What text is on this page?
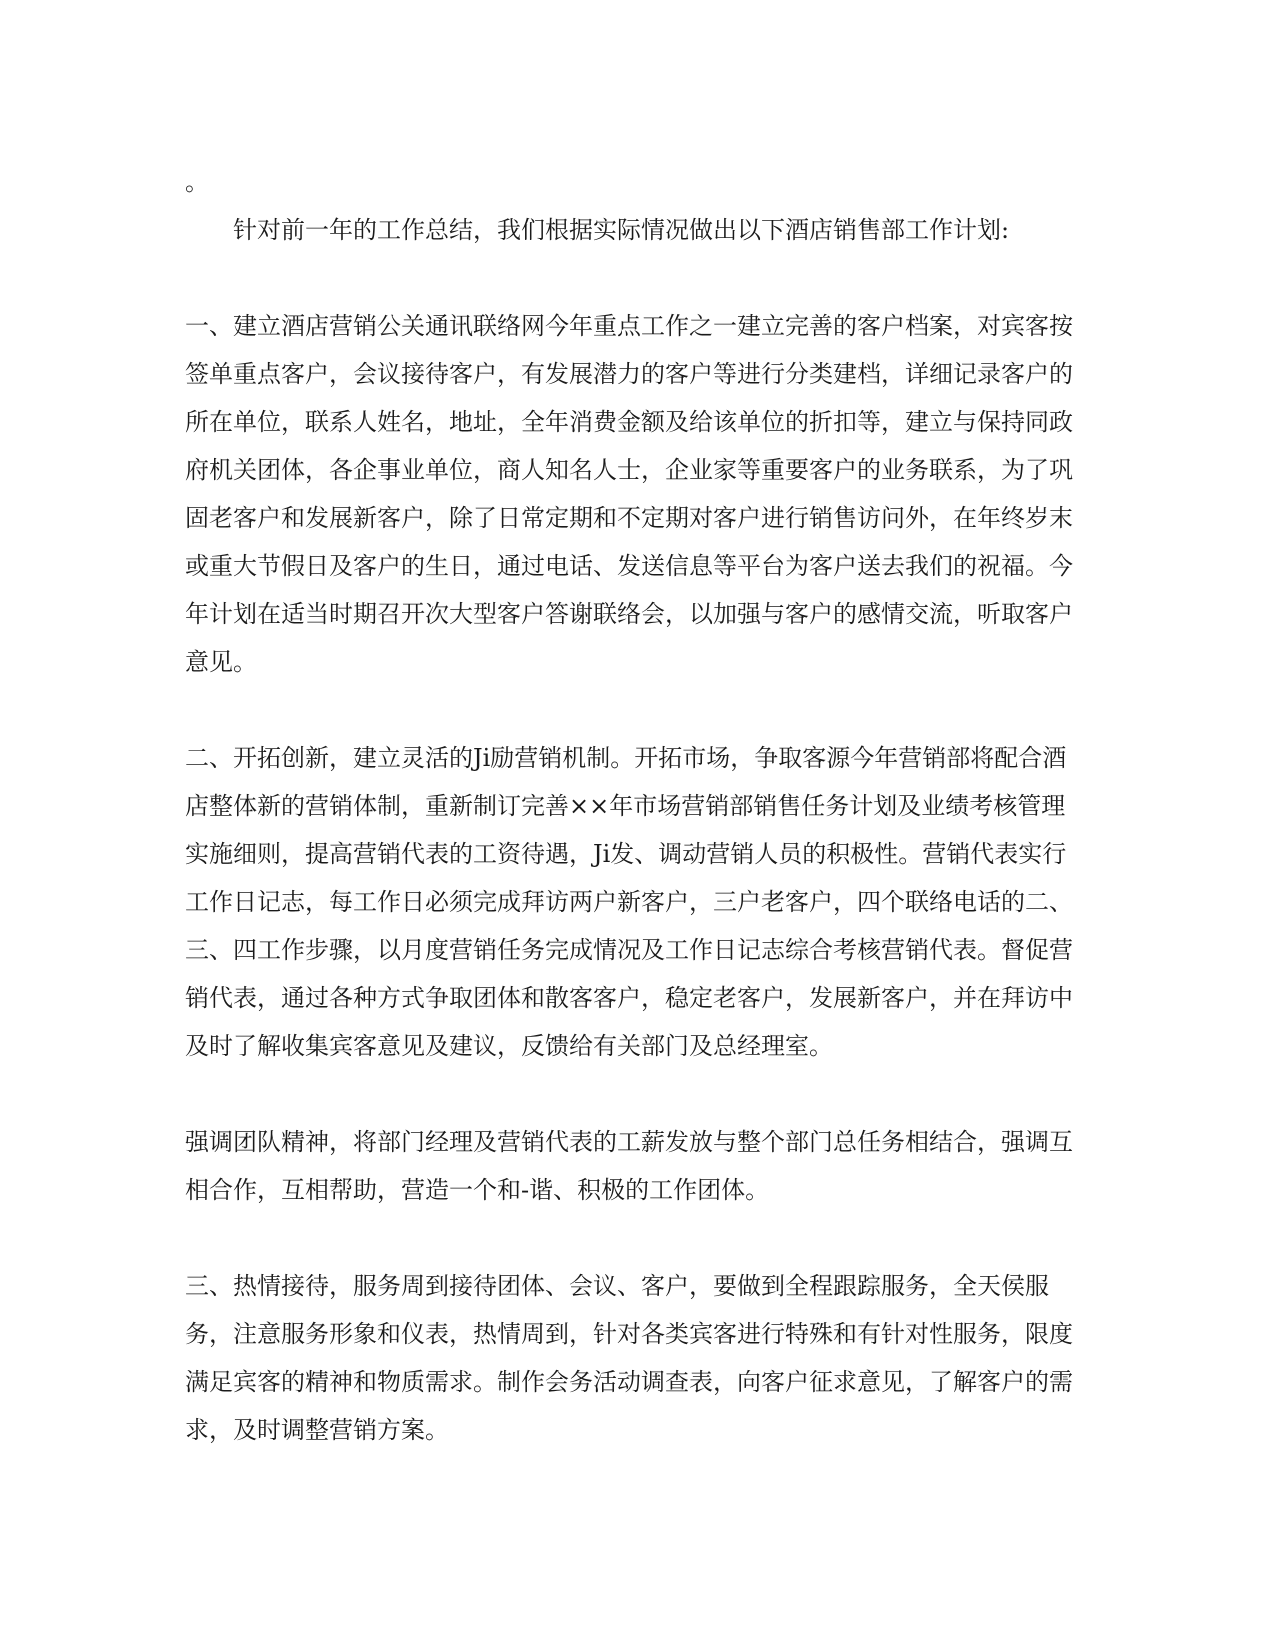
。

针对前一年的工作总结，我们根据实际情况做出以下酒店销售部工作计划:

一、建立酒店营销公关通讯联络网今年重点工作之一建立完善的客户档案，对宾客按签单重点客户，会议接待客户，有发展潜力的客户等进行分类建档，详细记录客户的所在单位，联系人姓名，地址，全年消费金额及给该单位的折扣等，建立与保持同政府机关团体，各企事业单位，商人知名人士，企业家等重要客户的业务联系，为了巩固老客户和发展新客户，除了日常定期和不定期对客户进行销售访问外，在年终岁末或重大节假日及客户的生日，通过电话、发送信息等平台为客户送去我们的祝福。今年计划在适当时期召开次大型客户答谢联络会，以加强与客户的感情交流，听取客户意见。

二、开拓创新，建立灵活的Ji励营销机制。开拓市场，争取客源今年营销部将配合酒店整体新的营销体制，重新制订完善××年市场营销部销售任务计划及业绩考核管理实施细则，提高营销代表的工资待遇，Ji发、调动营销人员的积极性。营销代表实行工作日记志，每工作日必须完成拜访两户新客户，三户老客户，四个联络电话的二、三、四工作步骤，以月度营销任务完成情况及工作日记志综合考核营销代表。督促营销代表，通过各种方式争取团体和散客客户，稳定老客户，发展新客户，并在拜访中及时了解收集宾客意见及建议，反馈给有关部门及总经理室。

强调团队精神，将部门经理及营销代表的工薪发放与整个部门总任务相结合，强调互相合作，互相帮助，营造一个和-谐、积极的工作团体。

三、热情接待，服务周到接待团体、会议、客户，要做到全程跟踪服务，全天侯服务，注意服务形象和仪表，热情周到，针对各类宾客进行特殊和有针对性服务，限度满足宾客的精神和物质需求。制作会务活动调查表，向客户征求意见，了解客户的需求，及时调整营销方案。
